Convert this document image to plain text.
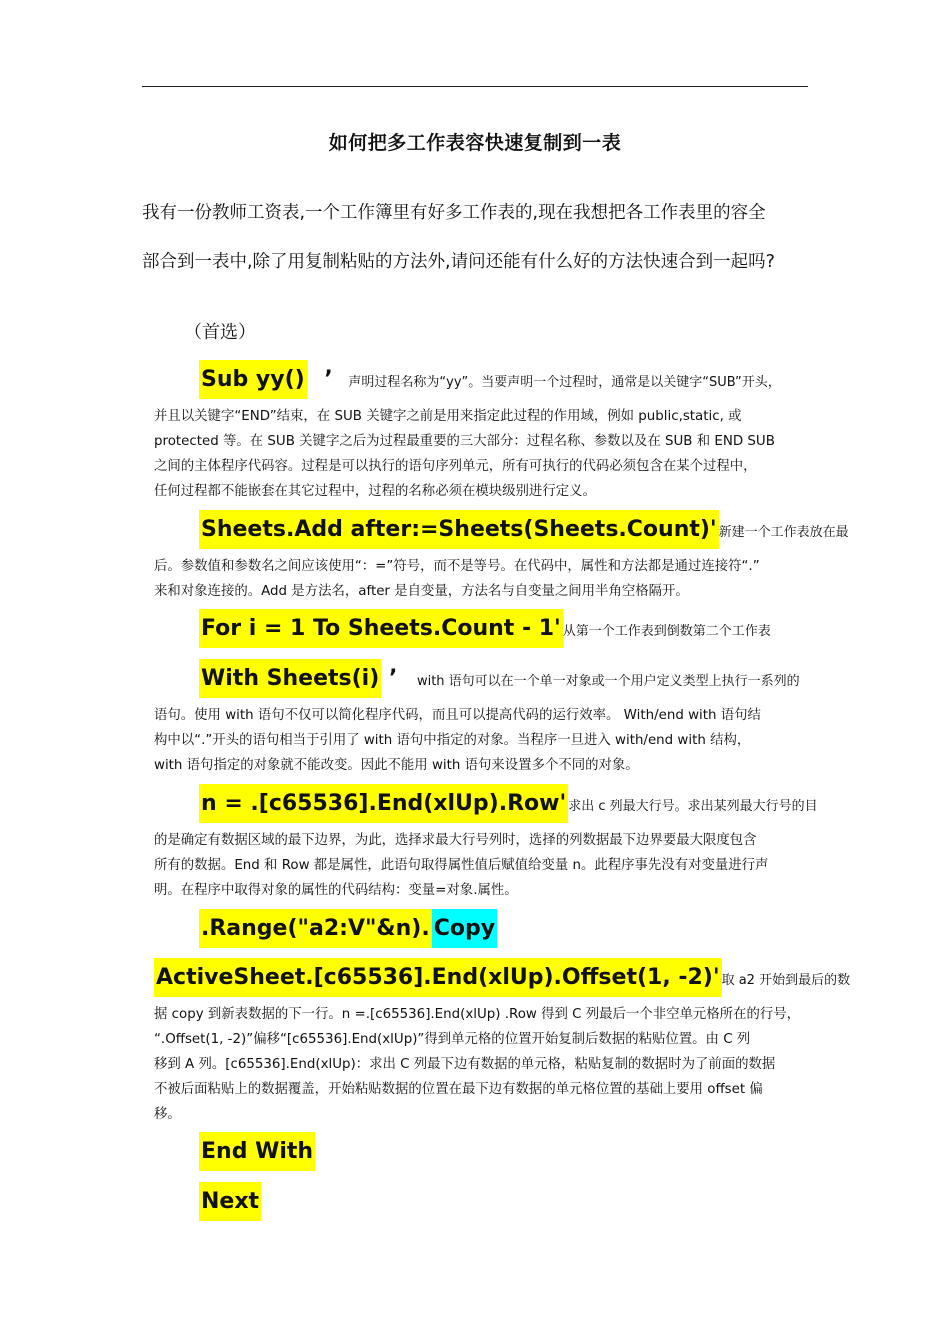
如何把多工作表容快速复制到一表

我有一份教师工资表,一个工作簿里有好多工作表的,现在我想把各工作表里的容全

部合到一表中,除了用复制粘贴的方法外,请问还能有什么好的方法快速合到一起吗?

（首选）
Sub yy() ’ 声明过程名称为“yy”。当要声明一个过程时，通常是以关键字“SUB”开头，

并且以关键字“END”结束，在 SUB 关键字之前是用来指定此过程的作用域，例如 public,static, 或

protected 等。在 SUB 关键字之后为过程最重要的三大部分：过程名称、参数以及在 SUB 和 END SUB

之间的主体程序代码容。过程是可以执行的语句序列单元，所有可执行的代码必须包含在某个过程中，

任何过程都不能嵌套在其它过程中，过程的名称必须在模块级别进行定义。

Sheets.Add after:=Sheets(Sheets.Count)' 新建一个工作表放在最

后。参数值和参数名之间应该使用“：=”符号，而不是等号。在代码中，属性和方法都是通过连接符“.”

来和对象连接的。Add 是方法名，after 是自变量，方法名与自变量之间用半角空格隔开。

For i = 1 To Sheets.Count - 1' 从第一个工作表到倒数第二个工作表
With Sheets(i) ’ with 语句可以在一个单一对象或一个用户定义类型上执行一系列的

语句。使用 with 语句不仅可以简化程序代码，而且可以提高代码的运行效率。 With/end with 语句结

构中以“.”开头的语句相当于引用了 with 语句中指定的对象。当程序一旦进入 with/end with 结构，

with 语句指定的对象就不能改变。因此不能用 with 语句来设置多个不同的对象。

n = .[c65536].End(xlUp).Row' 求出 c 列最大行号。求出某列最大行号的目

的是确定有数据区域的最下边界，为此，选择求最大行号列时，选择的列数据最下边界要最大限度包含

所有的数据。End 和 Row 都是属性，此语句取得属性值后赋值给变量 n。此程序事先没有对变量进行声

明。在程序中取得对象的属性的代码结构：变量=对象.属性。

.Range("a2:V"&n). Copy
ActiveSheet.[c65536].End(xlUp).Offset(1, -2)' 取 a2 开始到最后的数

据 copy 到新表数据的下一行。n =.[c65536].End(xlUp) .Row 得到 C 列最后一个非空单元格所在的行号，

“.Offset(1, -2)”偏移“[c65536].End(xlUp)”得到单元格的位置开始复制后数据的粘贴位置。由 C 列

移到 A 列。[c65536].End(xlUp)：求出 C 列最下边有数据的单元格，粘贴复制的数据时为了前面的数据

不被后面粘贴上的数据覆盖，开始粘贴数据的位置在最下边有数据的单元格位置的基础上要用 offset 偏

移。

End With
Next
